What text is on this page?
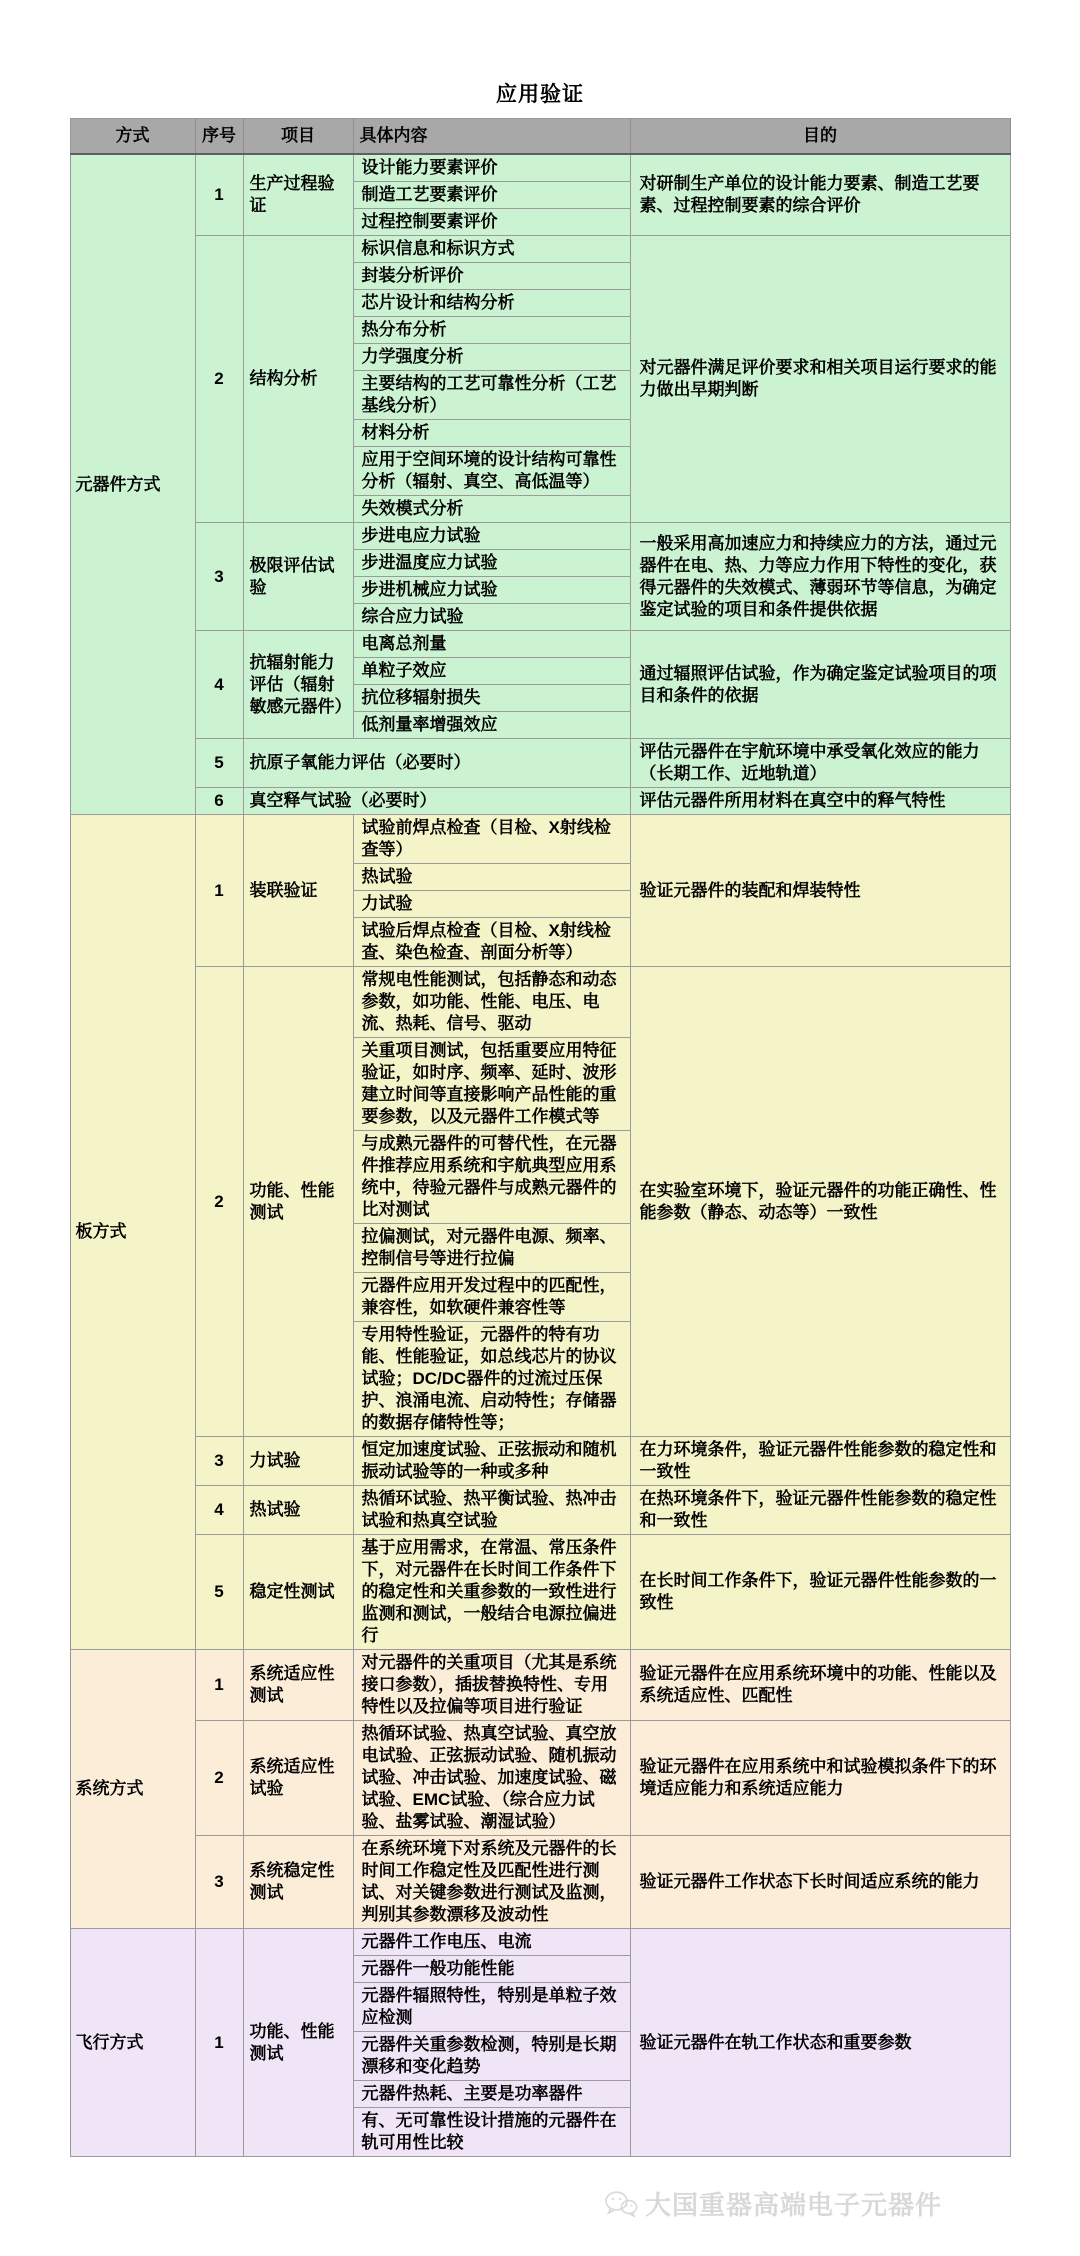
应用验证
方式	序号	项目	具体内容	目的
元器件方式	1	生产过程验证	设计能力要素评价	对研制生产单位的设计能力要素、制造工艺要素、过程控制要素的综合评价
			制造工艺要素评价	
			过程控制要素评价	
	2	结构分析	标识信息和标识方式	对元器件满足评价要求和相关项目运行要求的能力做出早期判断
			封装分析评价	
			芯片设计和结构分析	
			热分布分析	
			力学强度分析	
			主要结构的工艺可靠性分析（工艺基线分析）	
			材料分析	
			应用于空间环境的设计结构可靠性分析（辐射、真空、高低温等）	
			失效模式分析	
	3	极限评估试验	步进电应力试验	一般采用高加速应力和持续应力的方法，通过元器件在电、热、力等应力作用下特性的变化，获得元器件的失效模式、薄弱环节等信息，为确定鉴定试验的项目和条件提供依据
			步进温度应力试验	
			步进机械应力试验	
			综合应力试验	
	4	抗辐射能力评估（辐射敏感元器件）	电离总剂量	通过辐照评估试验，作为确定鉴定试验项目的项目和条件的依据
			单粒子效应	
			抗位移辐射损失	
			低剂量率增强效应	
	5	抗原子氧能力评估（必要时）		评估元器件在宇航环境中承受氧化效应的能力（长期工作、近地轨道）
	6	真空释气试验（必要时）		评估元器件所用材料在真空中的释气特性
板方式	1	装联验证	试验前焊点检查（目检、X射线检查等）	验证元器件的装配和焊装特性
			热试验	
			力试验	
			试验后焊点检查（目检、X射线检查、染色检查、剖面分析等）	
	2	功能、性能测试	常规电性能测试，包括静态和动态参数，如功能、性能、电压、电流、热耗、信号、驱动	在实验室环境下，验证元器件的功能正确性、性能参数（静态、动态等）一致性
			关重项目测试，包括重要应用特征验证，如时序、频率、延时、波形建立时间等直接影响产品性能的重要参数，以及元器件工作模式等	
			与成熟元器件的可替代性，在元器件推荐应用系统和宇航典型应用系统中，待验元器件与成熟元器件的比对测试	
			拉偏测试，对元器件电源、频率、控制信号等进行拉偏	
			元器件应用开发过程中的匹配性，兼容性，如软硬件兼容性等	
			专用特性验证，元器件的特有功能、性能验证，如总线芯片的协议试验；DC/DC器件的过流过压保护、浪涌电流、启动特性；存储器的数据存储特性等；	
	3	力试验	恒定加速度试验、正弦振动和随机振动试验等的一种或多种	在力环境条件，验证元器件性能参数的稳定性和一致性
	4	热试验	热循环试验、热平衡试验、热冲击试验和热真空试验	在热环境条件下，验证元器件性能参数的稳定性和一致性
	5	稳定性测试	基于应用需求，在常温、常压条件下，对元器件在长时间工作条件下的稳定性和关重参数的一致性进行监测和测试，一般结合电源拉偏进行	在长时间工作条件下，验证元器件性能参数的一致性
系统方式	1	系统适应性测试	对元器件的关重项目（尤其是系统接口参数），插拔替换特性、专用特性以及拉偏等项目进行验证	验证元器件在应用系统环境中的功能、性能以及系统适应性、匹配性
	2	系统适应性试验	热循环试验、热真空试验、真空放电试验、正弦振动试验、随机振动试验、冲击试验、加速度试验、磁试验、EMC试验、（综合应力试验、盐雾试验、潮湿试验）	验证元器件在应用系统中和试验模拟条件下的环境适应能力和系统适应能力
	3	系统稳定性测试	在系统环境下对系统及元器件的长时间工作稳定性及匹配性进行测试、对关键参数进行测试及监测，判别其参数漂移及波动性	验证元器件工作状态下长时间适应系统的能力
飞行方式	1	功能、性能测试	元器件工作电压、电流	验证元器件在轨工作状态和重要参数
			元器件一般功能性能	
			元器件辐照特性，特别是单粒子效应检测	
			元器件关重参数检测，特别是长期漂移和变化趋势	
			元器件热耗、主要是功率器件	
			有、无可靠性设计措施的元器件在轨可用性比较	
大国重器高端电子元器件
